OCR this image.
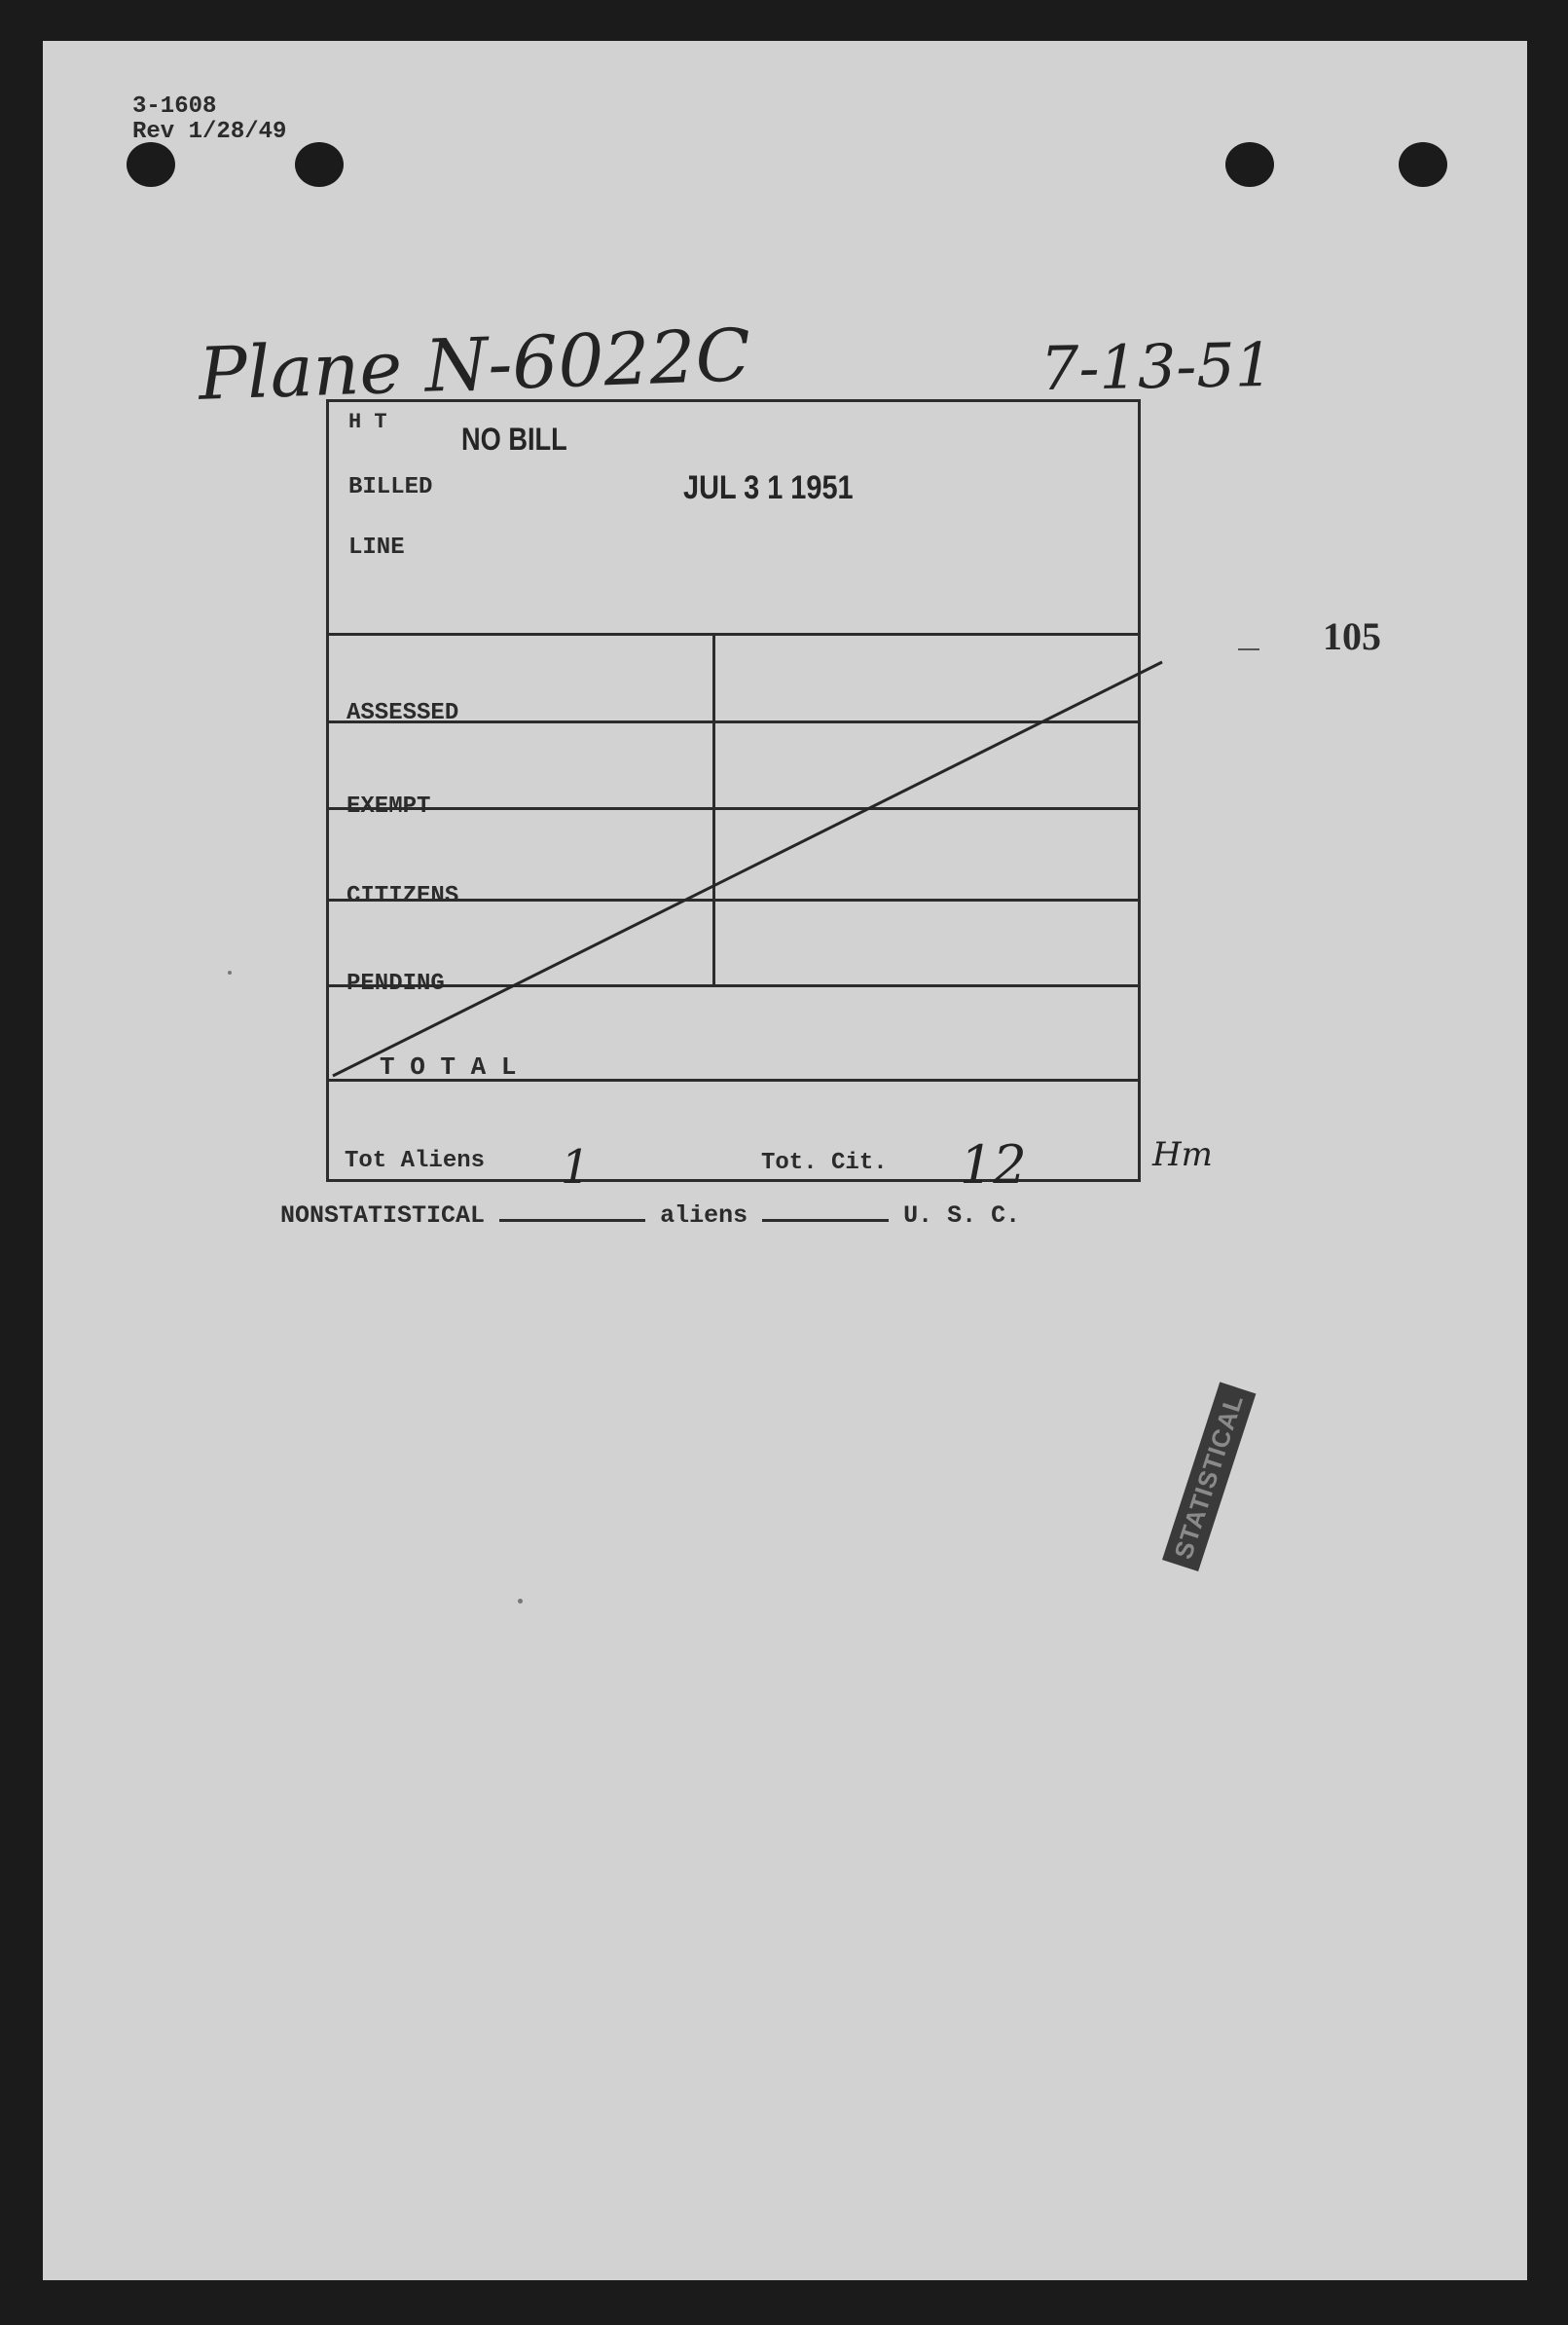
3-1608
Rev 1/28/49
Plane N-6022C	7-13-51
105
H T NO BILL
BILLED	JUL 3 1 1951
LINE
ASSESSED
EXEMPT
CITIZENS
PENDING
T O T A L
Tot Aliens 1	Tot. Cit. 12	Hm
NONSTATISTICAL	aliens	U. S. C.
STATISTICAL
